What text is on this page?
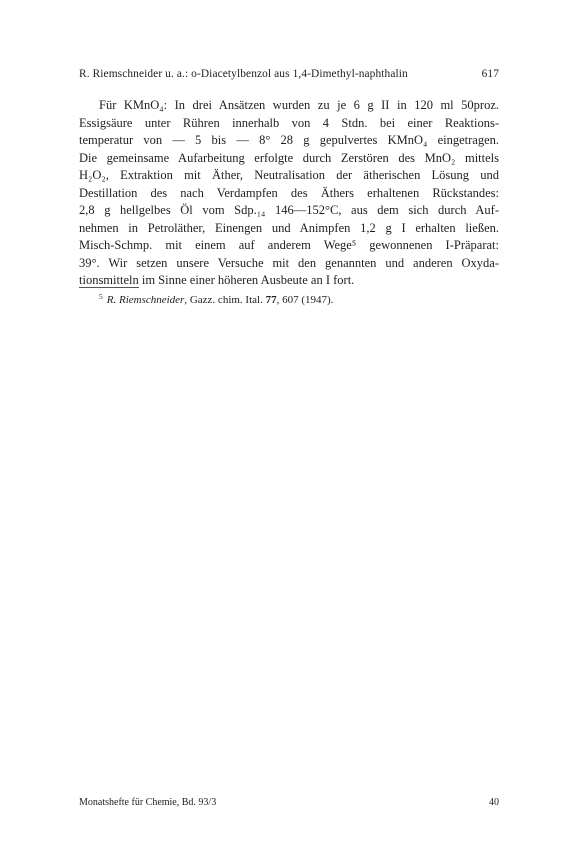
R. Riemschneider u. a.: o-Diacetylbenzol aus 1,4-Dimethyl-naphthalin	617
Für KMnO₄: In drei Ansätzen wurden zu je 6 g II in 120 ml 50proz.
Essigsäure unter Rühren innerhalb von 4 Stdn. bei einer Reaktions-
temperatur von — 5 bis — 8° 28 g gepulvertes KMnO₄ eingetragen.
Die gemeinsame Aufarbeitung erfolgte durch Zerstören des MnO₂ mittels
H₂O₂, Extraktion mit Äther, Neutralisation der ätherischen Lösung und
Destillation des nach Verdampfen des Äthers erhaltenen Rückstandes:
2,8 g hellgelbes Öl vom Sdp.₁₄ 146—152°C, aus dem sich durch Auf-
nehmen in Petroläther, Einengen und Animpfen 1,2 g I erhalten ließen.
Misch-Schmp. mit einem auf anderem Wege⁵ gewonnenen I-Präparat:
39°. Wir setzen unsere Versuche mit den genannten und anderen Oxyda-
tionsmitteln im Sinne einer höheren Ausbeute an I fort.
$^5$ R. Riemschneider, Gazz. chim. Ital. 77, 607 (1947).
Monatshefte für Chemie, Bd. 93/3	40
